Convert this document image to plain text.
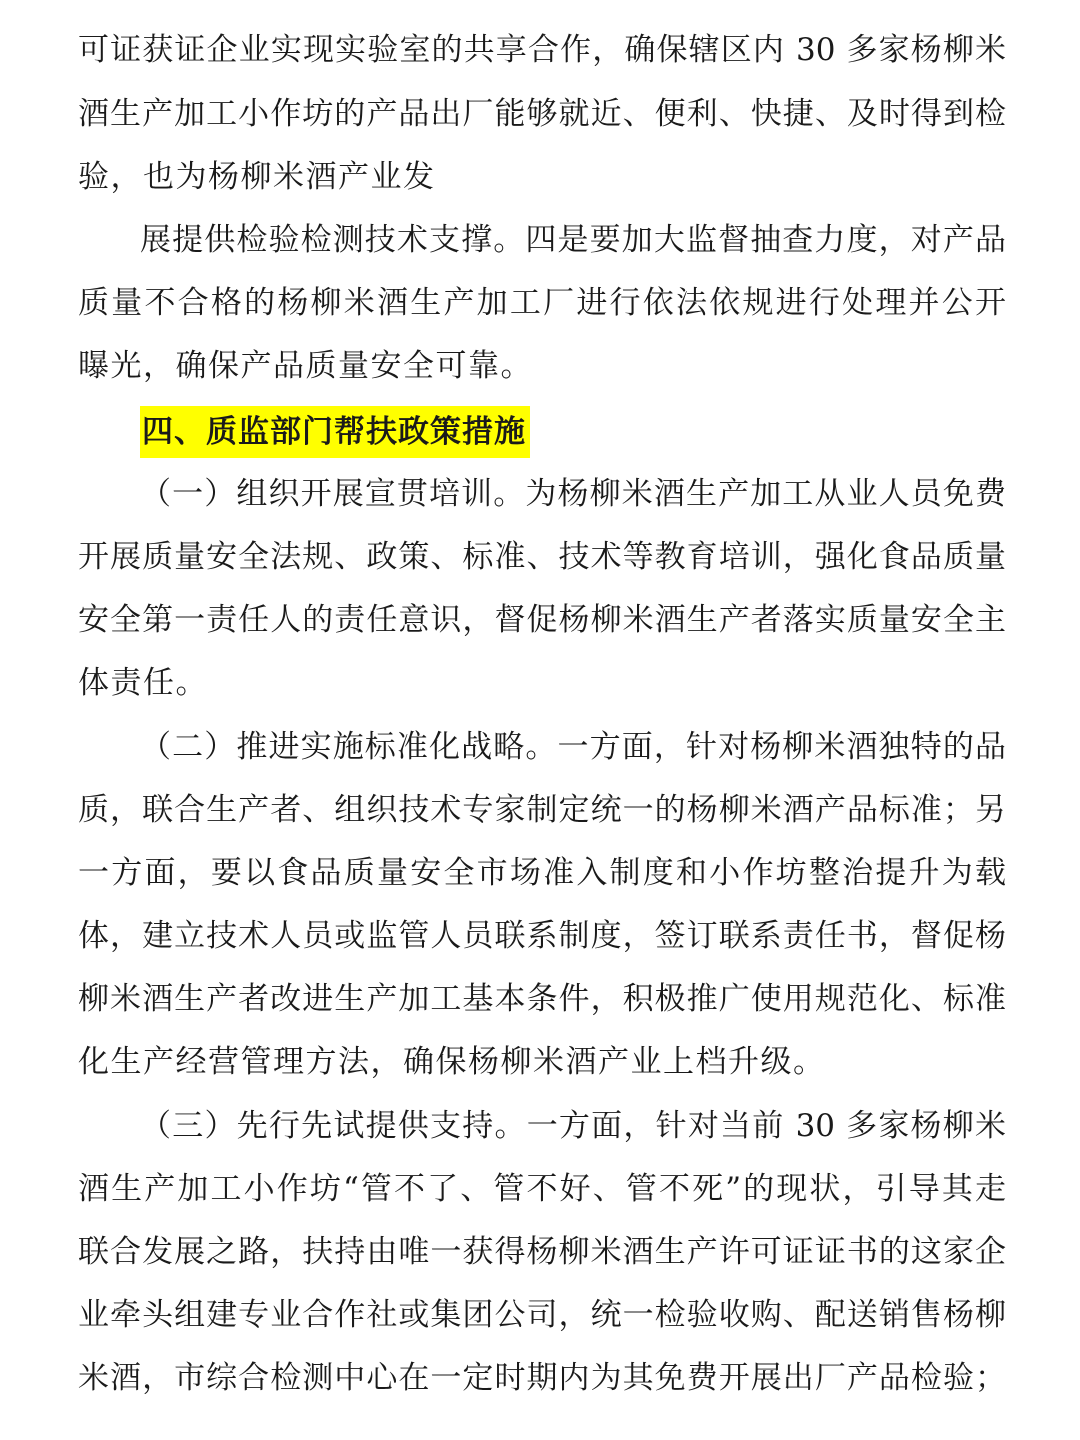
可证获证企业实现实验室的共享合作，确保辖区内 30 多家杨柳米
酒生产加工小作坊的产品出厂能够就近、便利、快捷、及时得到检
验，也为杨柳米酒产业发
展提供检验检测技术支撑。四是要加大监督抽查力度，对产品
质量不合格的杨柳米酒生产加工厂进行依法依规进行处理并公开
曝光，确保产品质量安全可靠。
四、质监部门帮扶政策措施
（一）组织开展宣贯培训。为杨柳米酒生产加工从业人员免费
开展质量安全法规、政策、标准、技术等教育培训，强化食品质量
安全第一责任人的责任意识，督促杨柳米酒生产者落实质量安全主
体责任。
（二）推进实施标准化战略。一方面，针对杨柳米酒独特的品
质，联合生产者、组织技术专家制定统一的杨柳米酒产品标准；另
一方面，要以食品质量安全市场准入制度和小作坊整治提升为载
体，建立技术人员或监管人员联系制度，签订联系责任书，督促杨
柳米酒生产者改进生产加工基本条件，积极推广使用规范化、标准
化生产经营管理方法，确保杨柳米酒产业上档升级。
（三）先行先试提供支持。一方面，针对当前 30 多家杨柳米
酒生产加工小作坊“管不了、管不好、管不死”的现状，引导其走
联合发展之路，扶持由唯一获得杨柳米酒生产许可证证书的这家企
业牵头组建专业合作社或集团公司，统一检验收购、配送销售杨柳
米酒，市综合检测中心在一定时期内为其免费开展出厂产品检验；
